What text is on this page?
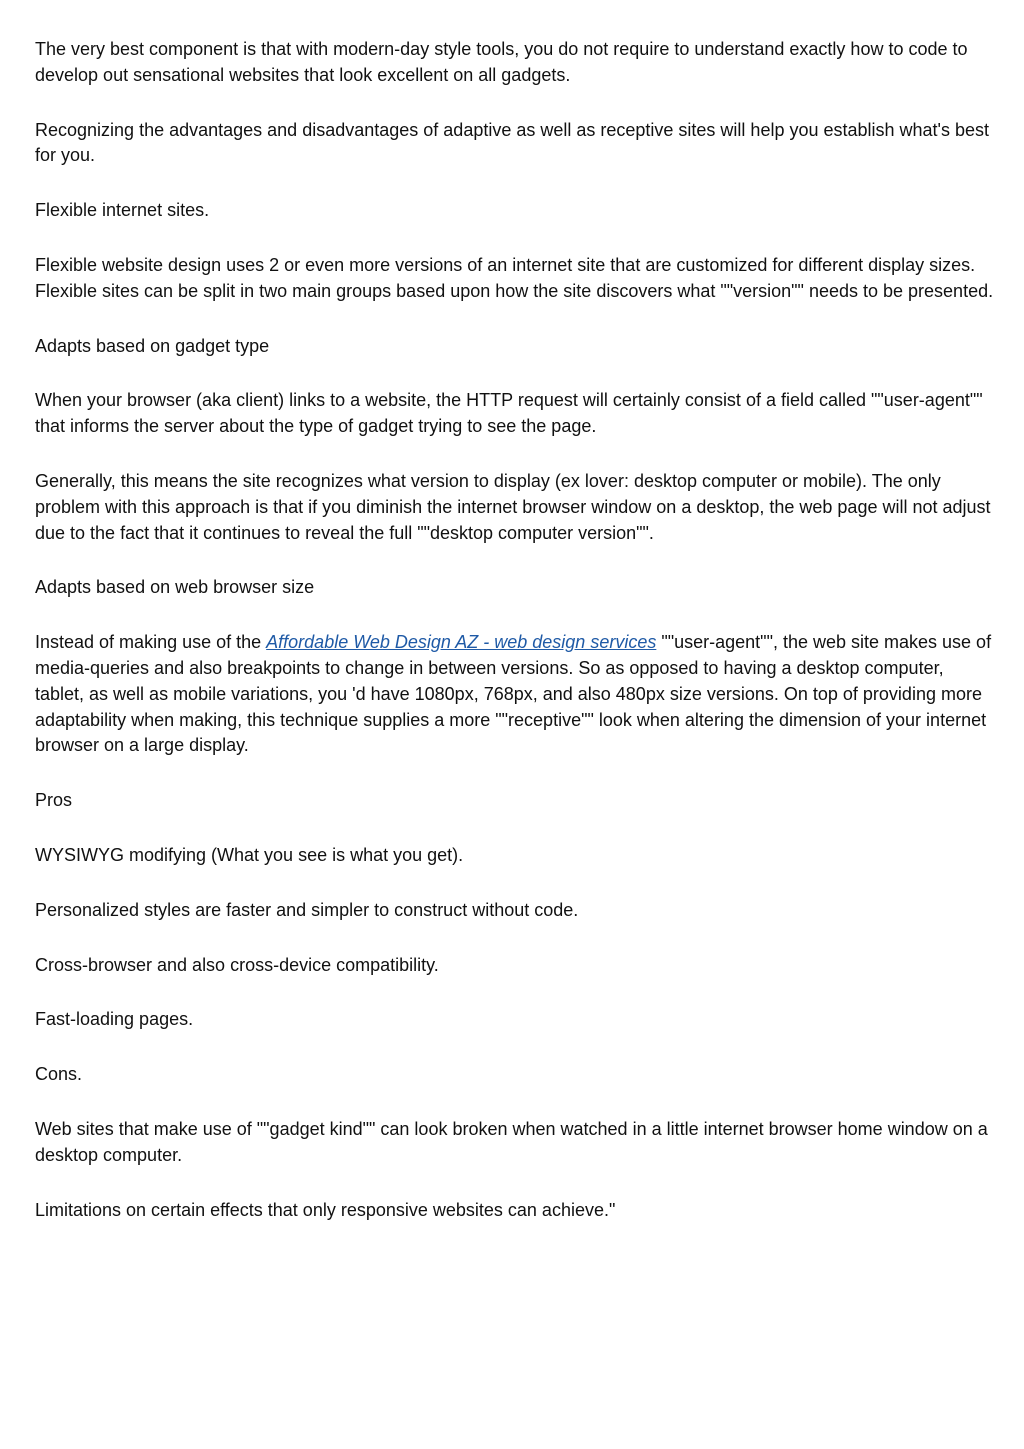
The very best component is that with modern-day style tools, you do not require to understand exactly how to code to develop out sensational websites that look excellent on all gadgets.

Recognizing the advantages and disadvantages of adaptive as well as receptive sites will help you establish what's best for you.

Flexible internet sites.

Flexible website design uses 2 or even more versions of an internet site that are customized for different display sizes. Flexible sites can be split in two main groups based upon how the site discovers what ""version"" needs to be presented.

Adapts based on gadget type

When your browser (aka client) links to a website, the HTTP request will certainly consist of a field called ""user-agent"" that informs the server about the type of gadget trying to see the page.

Generally, this means the site recognizes what version to display (ex lover: desktop computer or mobile). The only problem with this approach is that if you diminish the internet browser window on a desktop, the web page will not adjust due to the fact that it continues to reveal the full ""desktop computer version"".

Adapts based on web browser size

Instead of making use of the Affordable Web Design AZ - web design services ""user-agent"", the web site makes use of media-queries and also breakpoints to change in between versions. So as opposed to having a desktop computer, tablet, as well as mobile variations, you 'd have 1080px, 768px, and also 480px size versions. On top of providing more adaptability when making, this technique supplies a more ""receptive"" look when altering the dimension of your internet browser on a large display.

Pros

WYSIWYG modifying (What you see is what you get).

Personalized styles are faster and simpler to construct without code.

Cross-browser and also cross-device compatibility.

Fast-loading pages.

Cons.

Web sites that make use of ""gadget kind"" can look broken when watched in a little internet browser home window on a desktop computer.

Limitations on certain effects that only responsive websites can achieve."
